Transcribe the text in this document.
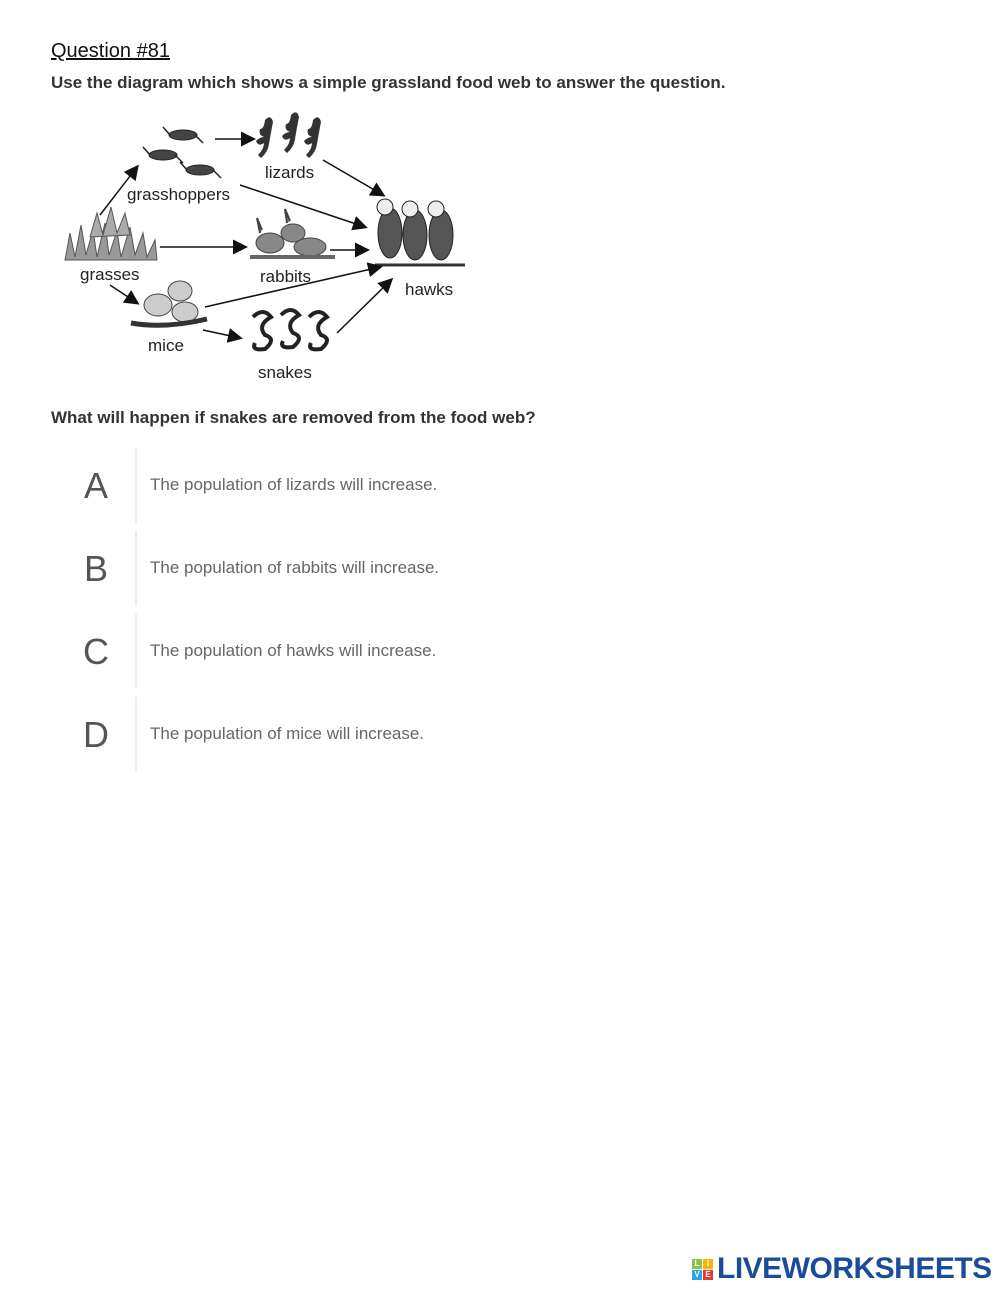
Question #81
Use the diagram which shows a simple grassland food web to answer the question.
grasses
grasshoppers
lizards
rabbits
mice
snakes
hawks
What will happen if snakes are removed from the food web?
A	The population of lizards will increase.
B	The population of rabbits will increase.
C	The population of hawks will increase.
D	The population of mice will increase.
L I
V E LIVEWORKSHEETS
